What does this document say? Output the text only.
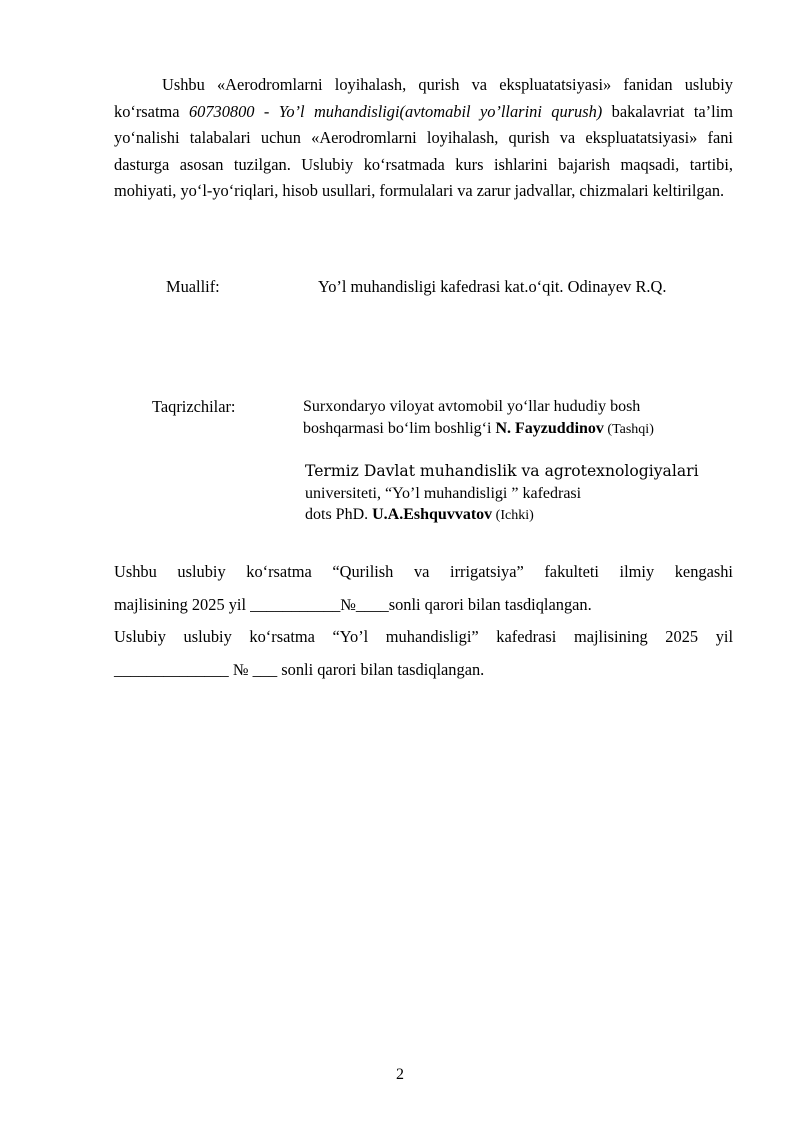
Ushbu «Aerodromlarni loyihalash, qurish va ekspluatatsiyasi» fanidan uslubiy ko‘rsatma 60730800 - Yo’l muhandisligi(avtomabil yo’llarini qurush) bakalavriat ta’lim yo‘nalishi talabalari uchun «Aerodromlarni loyihalash, qurish va ekspluatatsiyasi» fani dasturga asosan tuzilgan. Uslubiy ko‘rsatmada kurs ishlarini bajarish maqsadi, tartibi, mohiyati, yo‘l-yo‘riqlari, hisob usullari, formulalari va zarur jadvallar, chizmalari keltirilgan.
Muallif:	Yo’l muhandisligi kafedrasi kat.o‘qit. Odinayev R.Q.
Taqrizchilar:	Surxondaryo viloyat avtomobil yo‘llar hududiy bosh
boshqarmasi bo‘lim boshlig‘i N. Fayzuddinov (Tashqi)
Termiz Davlat muhandislik va agrotexnologiyalari
universiteti, “Yo’l muhandisligi ” kafedrasi
dots PhD. U.A.Eshquvvatov (Ichki)

Ushbu uslubiy ko‘rsatma “Qurilish va irrigatsiya” fakulteti ilmiy kengashi

majlisining 2025 yil ___________№____sonli qarori bilan tasdiqlangan.

Uslubiy uslubiy ko‘rsatma “Yo’l muhandisligi” kafedrasi majlisining 2025 yil

______________ № ___ sonli qarori bilan tasdiqlangan.

2
